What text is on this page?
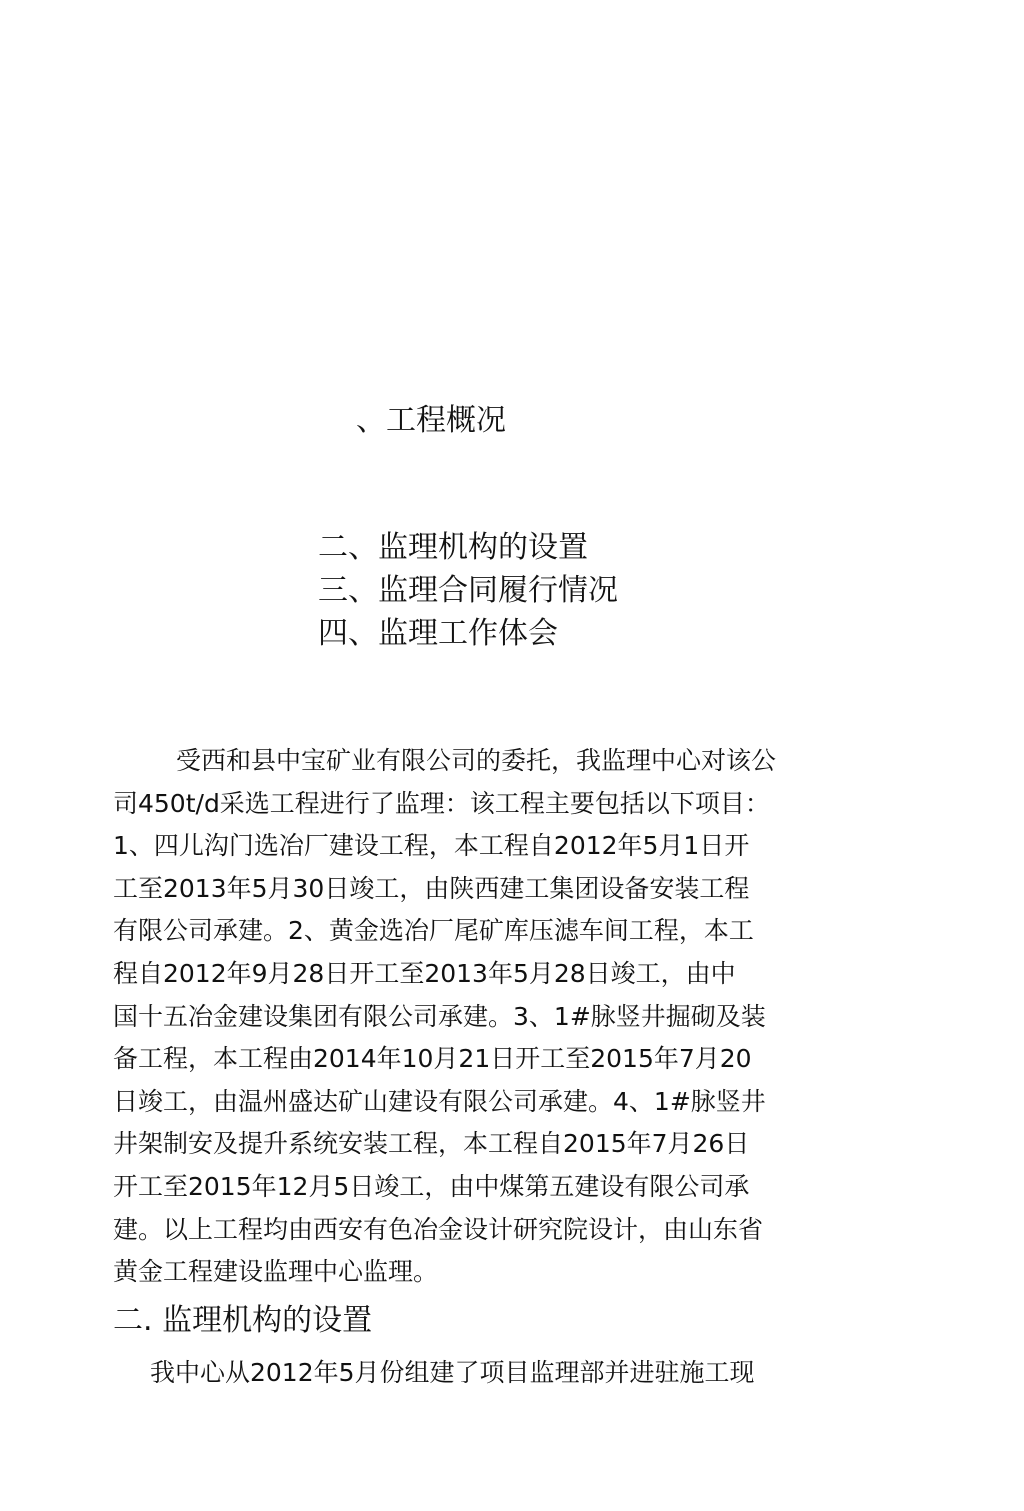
、工程概况
二、监理机构的设置
三、监理合同履行情况
四、监理工作体会
受西和县中宝矿业有限公司的委托，我监理中心对该公
司450t/d采选工程进行了监理：该工程主要包括以下项目：
1、四儿沟门选冶厂建设工程，本工程自2012年5月1日开
工至2013年5月30日竣工，由陕西建工集团设备安装工程
有限公司承建。2、黄金选冶厂尾矿库压滤车间工程，本工
程自2012年9月28日开工至2013年5月28日竣工，由中
国十五冶金建设集团有限公司承建。3、1#脉竖井掘砌及装
备工程，本工程由2014年10月21日开工至2015年7月20
日竣工，由温州盛达矿山建设有限公司承建。4、1#脉竖井
井架制安及提升系统安装工程，本工程自2015年7月26日
开工至2015年12月5日竣工，由中煤第五建设有限公司承
建。以上工程均由西安有色冶金设计研究院设计，由山东省
黄金工程建设监理中心监理。
二. 监理机构的设置
我中心从2012年5月份组建了项目监理部并进驻施工现
